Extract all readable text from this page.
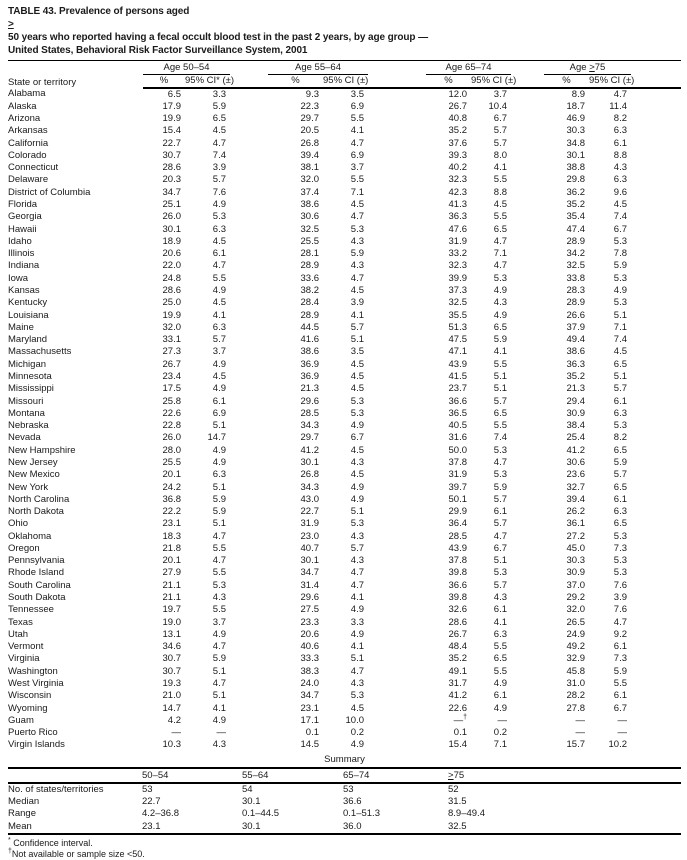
TABLE 43. Prevalence of persons aged
>
50 years who reported having a fecal occult blood test in the past 2 years, by age group —
United States, Behavioral Risk Factor Surveillance System, 2001
State or territory	Age 50–54			Age 55–64			Age 65–74			Age >75		

	%	95% CI* (±)		%	95% CI (±)		%	95% CI (±)		%	95% CI (±)	
Alabama	6.5	3.3		9.3	3.5		12.0	3.7		8.9	4.7	
Alaska	17.9	5.9		22.3	6.9		26.7	10.4		18.7	11.4	
Arizona	19.9	6.5		29.7	5.5		40.8	6.7		46.9	8.2	
Arkansas	15.4	4.5		20.5	4.1		35.2	5.7		30.3	6.3	
California	22.7	4.7		26.8	4.7		37.6	5.7		34.8	6.1	
Colorado	30.7	7.4		39.4	6.9		39.3	8.0		30.1	8.8	
Connecticut	28.6	3.9		38.1	3.7		40.2	4.1		38.8	4.3	
Delaware	20.3	5.7		32.0	5.5		32.3	5.5		29.8	6.3	
District of Columbia	34.7	7.6		37.4	7.1		42.3	8.8		36.2	9.6	
Florida	25.1	4.9		38.6	4.5		41.3	4.5		35.2	4.5	
Georgia	26.0	5.3		30.6	4.7		36.3	5.5		35.4	7.4	
Hawaii	30.1	6.3		32.5	5.3		47.6	6.5		47.4	6.7	
Idaho	18.9	4.5		25.5	4.3		31.9	4.7		28.9	5.3	
Illinois	20.6	6.1		28.1	5.9		33.2	7.1		34.2	7.8	
Indiana	22.0	4.7		28.9	4.3		32.3	4.7		32.5	5.9	
Iowa	24.8	5.5		33.6	4.7		39.9	5.3		33.8	5.3	
Kansas	28.6	4.9		38.2	4.5		37.3	4.9		28.3	4.9	
Kentucky	25.0	4.5		28.4	3.9		32.5	4.3		28.9	5.3	
Louisiana	19.9	4.1		28.9	4.1		35.5	4.9		26.6	5.1	
Maine	32.0	6.3		44.5	5.7		51.3	6.5		37.9	7.1	
Maryland	33.1	5.7		41.6	5.1		47.5	5.9		49.4	7.4	
Massachusetts	27.3	3.7		38.6	3.5		47.1	4.1		38.6	4.5	
Michigan	26.7	4.9		36.9	4.5		43.9	5.5		36.3	6.5	
Minnesota	23.4	4.5		36.9	4.5		41.5	5.1		35.2	5.1	
Mississippi	17.5	4.9		21.3	4.5		23.7	5.1		21.3	5.7	
Missouri	25.8	6.1		29.6	5.3		36.6	5.7		29.4	6.1	
Montana	22.6	6.9		28.5	5.3		36.5	6.5		30.9	6.3	
Nebraska	22.8	5.1		34.3	4.9		40.5	5.5		38.4	5.3	
Nevada	26.0	14.7		29.7	6.7		31.6	7.4		25.4	8.2	
New Hampshire	28.0	4.9		41.2	4.5		50.0	5.3		41.2	6.5	
New Jersey	25.5	4.9		30.1	4.3		37.8	4.7		30.6	5.9	
New Mexico	20.1	6.3		26.8	4.5		31.9	5.3		23.6	5.7	
New York	24.2	5.1		34.3	4.9		39.7	5.9		32.7	6.5	
North Carolina	36.8	5.9		43.0	4.9		50.1	5.7		39.4	6.1	
North Dakota	22.2	5.9		22.7	5.1		29.9	6.1		26.2	6.3	
Ohio	23.1	5.1		31.9	5.3		36.4	5.7		36.1	6.5	
Oklahoma	18.3	4.7		23.0	4.3		28.5	4.7		27.2	5.3	
Oregon	21.8	5.5		40.7	5.7		43.9	6.7		45.0	7.3	
Pennsylvania	20.1	4.7		30.1	4.3		37.8	5.1		30.3	5.3	
Rhode Island	27.9	5.5		34.7	4.7		39.8	5.3		30.9	5.3	
South Carolina	21.1	5.3		31.4	4.7		36.6	5.7		37.0	7.6	
South Dakota	21.1	4.3		29.6	4.1		39.8	4.3		29.2	3.9	
Tennessee	19.7	5.5		27.5	4.9		32.6	6.1		32.0	7.6	
Texas	19.0	3.7		23.3	3.3		28.6	4.1		26.5	4.7	
Utah	13.1	4.9		20.6	4.9		26.7	6.3		24.9	9.2	
Vermont	34.6	4.7		40.6	4.1		48.4	5.5		49.2	6.1	
Virginia	30.7	5.9		33.3	5.1		35.2	6.5		32.9	7.3	
Washington	30.7	5.1		38.3	4.7		49.1	5.5		45.8	5.9	
West Virginia	19.3	4.7		24.0	4.3		31.7	4.9		31.0	5.5	
Wisconsin	21.0	5.1		34.7	5.3		41.2	6.1		28.2	6.1	
Wyoming	14.7	4.1		23.1	4.5		22.6	4.9		27.8	6.7	
Guam	4.2	4.9		17.1	10.0		—†	—		—	—	
Puerto Rico	—	—		0.1	0.2		0.1	0.2		—	—	
Virgin Islands	10.3	4.3		14.5	4.9		15.4	7.1		15.7	10.2	
Summary
	50–54	55–64	65–74	>75
No. of states/territories	53	54	53	52
Median	22.7	30.1	36.6	31.5
Range	4.2–36.8	0.1–44.5	0.1–51.3	8.9–49.4
Mean	23.1	30.1	36.0	32.5
* Confidence interval.
†Not available or sample size <50.
